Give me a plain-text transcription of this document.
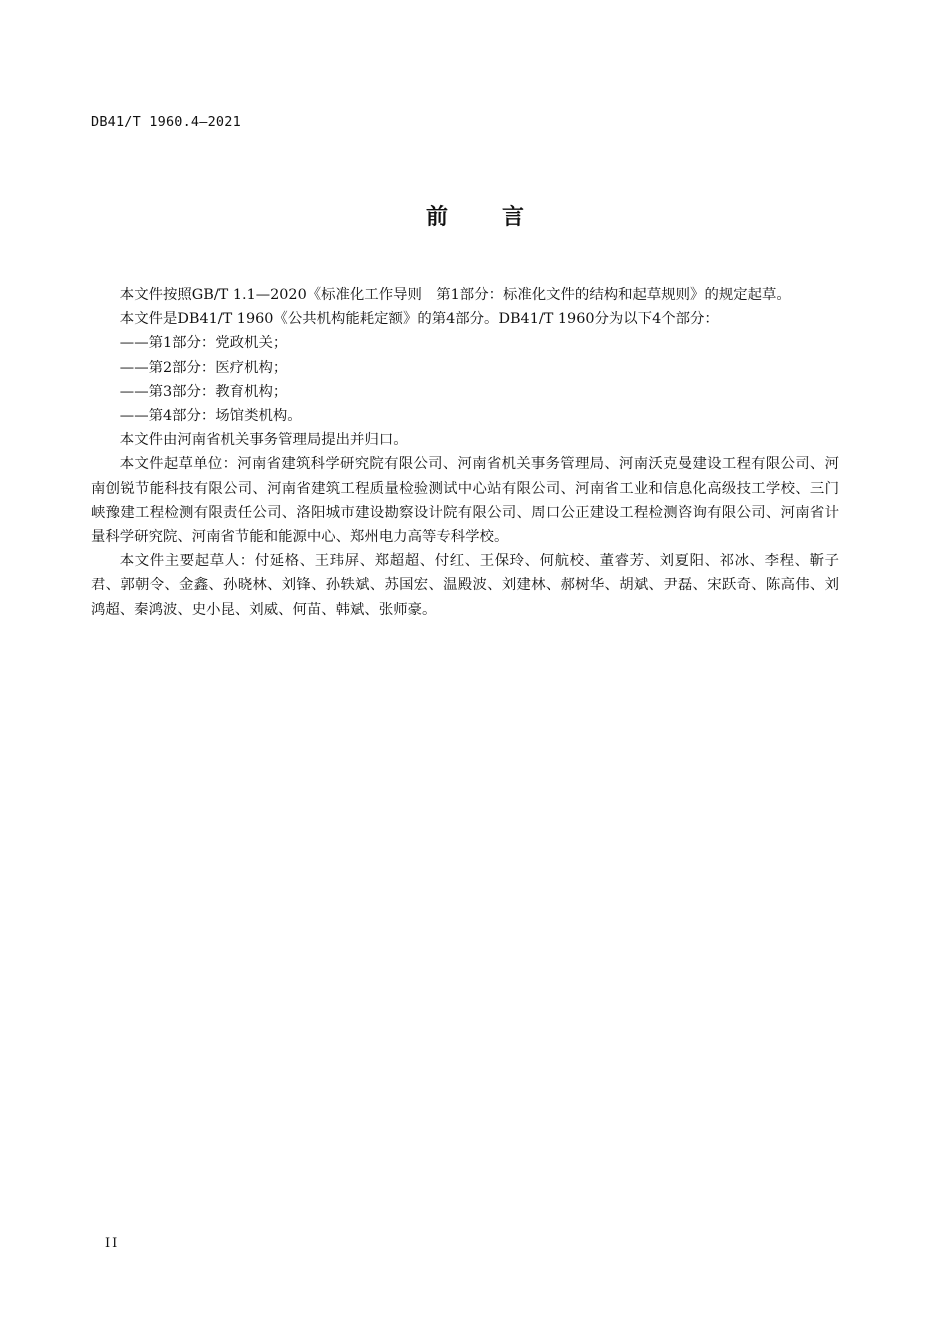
DB41/T 1960.4—2021
前言

本文件按照GB/T 1.1—2020《标准化工作导则　第1部分：标准化文件的结构和起草规则》的规定起草。

本文件是DB41/T 1960《公共机构能耗定额》的第4部分。DB41/T 1960分为以下4个部分：

——第1部分：党政机关；

——第2部分：医疗机构；

——第3部分：教育机构；

——第4部分：场馆类机构。

本文件由河南省机关事务管理局提出并归口。

本文件起草单位：河南省建筑科学研究院有限公司、河南省机关事务管理局、河南沃克曼建设工程有限公司、河南创锐节能科技有限公司、河南省建筑工程质量检验测试中心站有限公司、河南省工业和信息化高级技工学校、三门峡豫建工程检测有限责任公司、洛阳城市建设勘察设计院有限公司、周口公正建设工程检测咨询有限公司、河南省计量科学研究院、河南省节能和能源中心、郑州电力高等专科学校。

本文件主要起草人：付延格、王玮屏、郑超超、付红、王保玲、何航校、董睿芳、刘夏阳、祁冰、李程、靳子君、郭朝令、金鑫、孙晓林、刘锋、孙轶斌、苏国宏、温殿波、刘建林、郝树华、胡斌、尹磊、宋跃奇、陈高伟、刘鸿超、秦鸿波、史小昆、刘威、何苗、韩斌、张师豪。

II
